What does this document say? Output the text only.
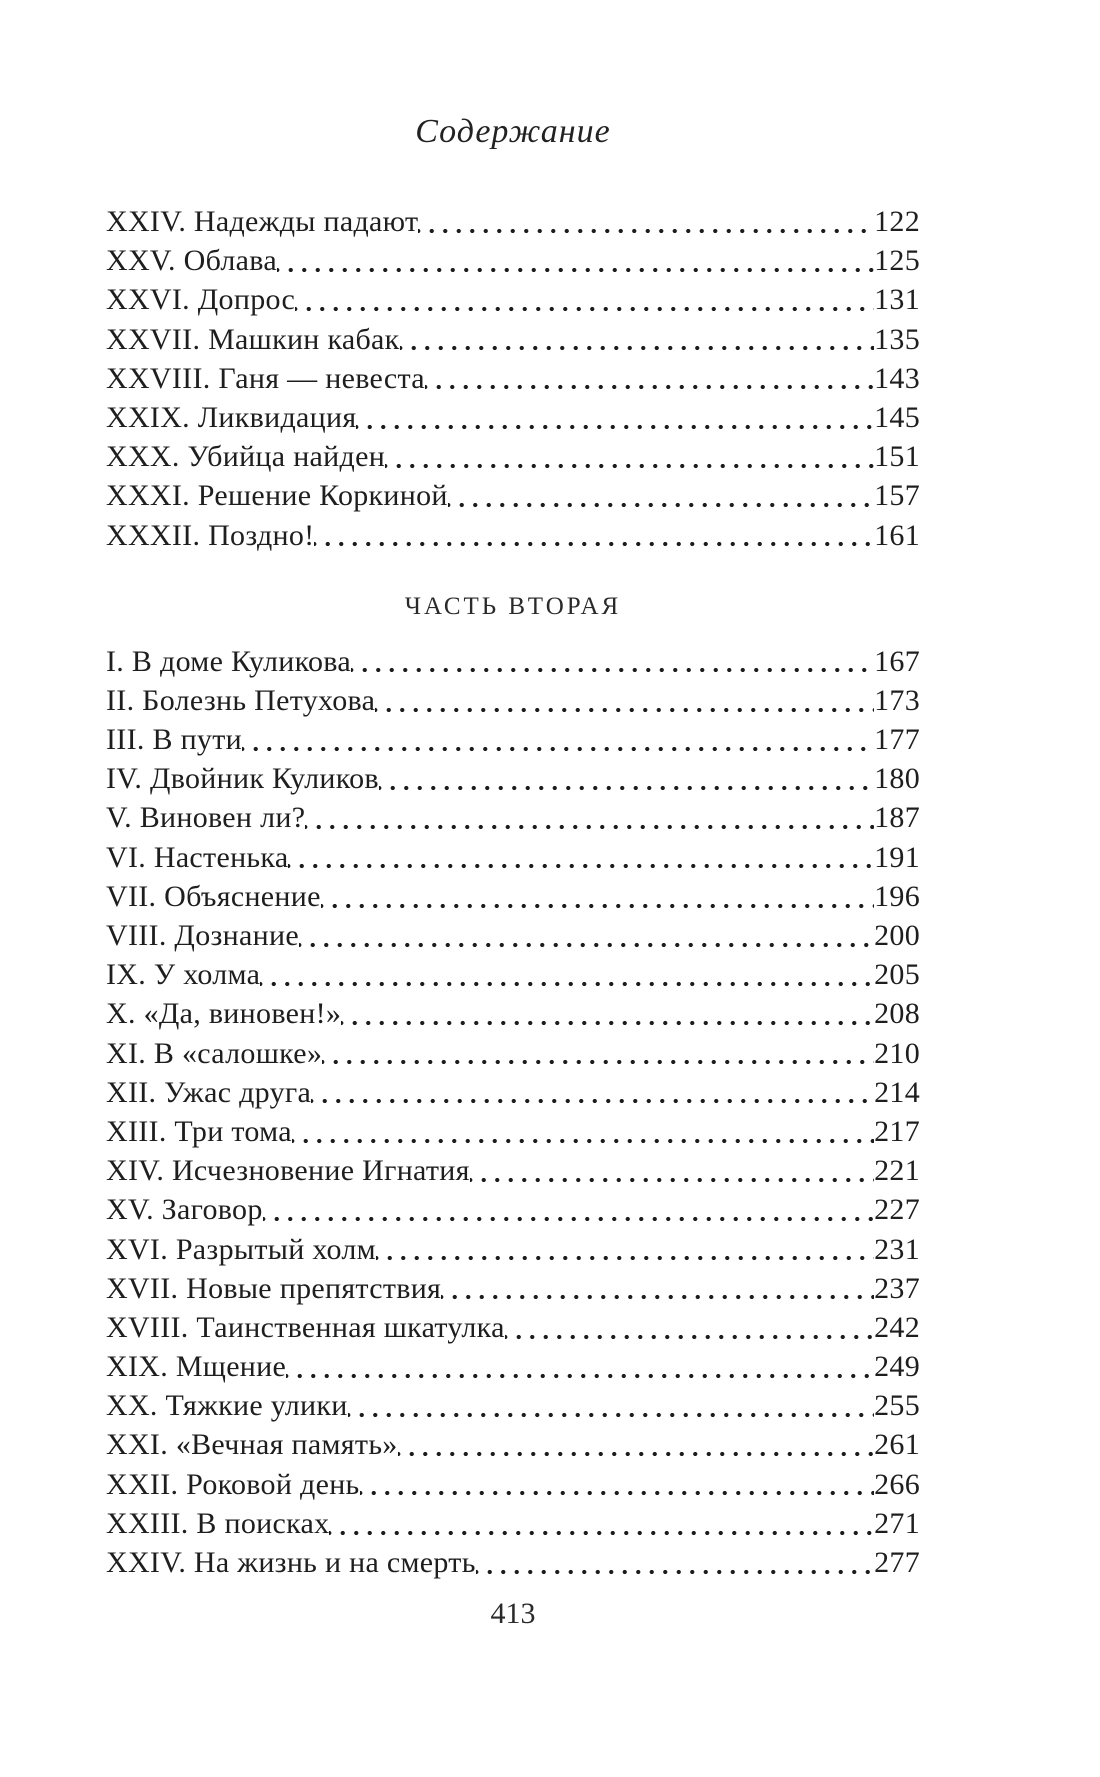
Содержание
XXIV. Надежды падают	122
XXV. Облава	125
XXVI. Допрос	131
XXVII. Машкин кабак	135
XXVIII. Ганя — невеста	143
XXIX. Ликвидация	145
XXX. Убийца найден	151
XXXI. Решение Коркиной	157
XXXII. Поздно!	161
ЧАСТЬ ВТОРАЯ
I. В доме Куликова	167
II. Болезнь Петухова	173
III. В пути	177
IV. Двойник Куликов	180
V. Виновен ли?	187
VI. Настенька	191
VII. Объяснение	196
VIII. Дознание	200
IX. У холма	205
X. «Да, виновен!»	208
XI. В «салошке»	210
XII. Ужас друга	214
XIII. Три тома	217
XIV. Исчезновение Игнатия	221
XV. Заговор	227
XVI. Разрытый холм	231
XVII. Новые препятствия	237
XVIII. Таинственная шкатулка	242
XIX. Мщение	249
XX. Тяжкие улики	255
XXI. «Вечная память»	261
XXII. Роковой день	266
XXIII. В поисках	271
XXIV. На жизнь и на смерть	277
413
